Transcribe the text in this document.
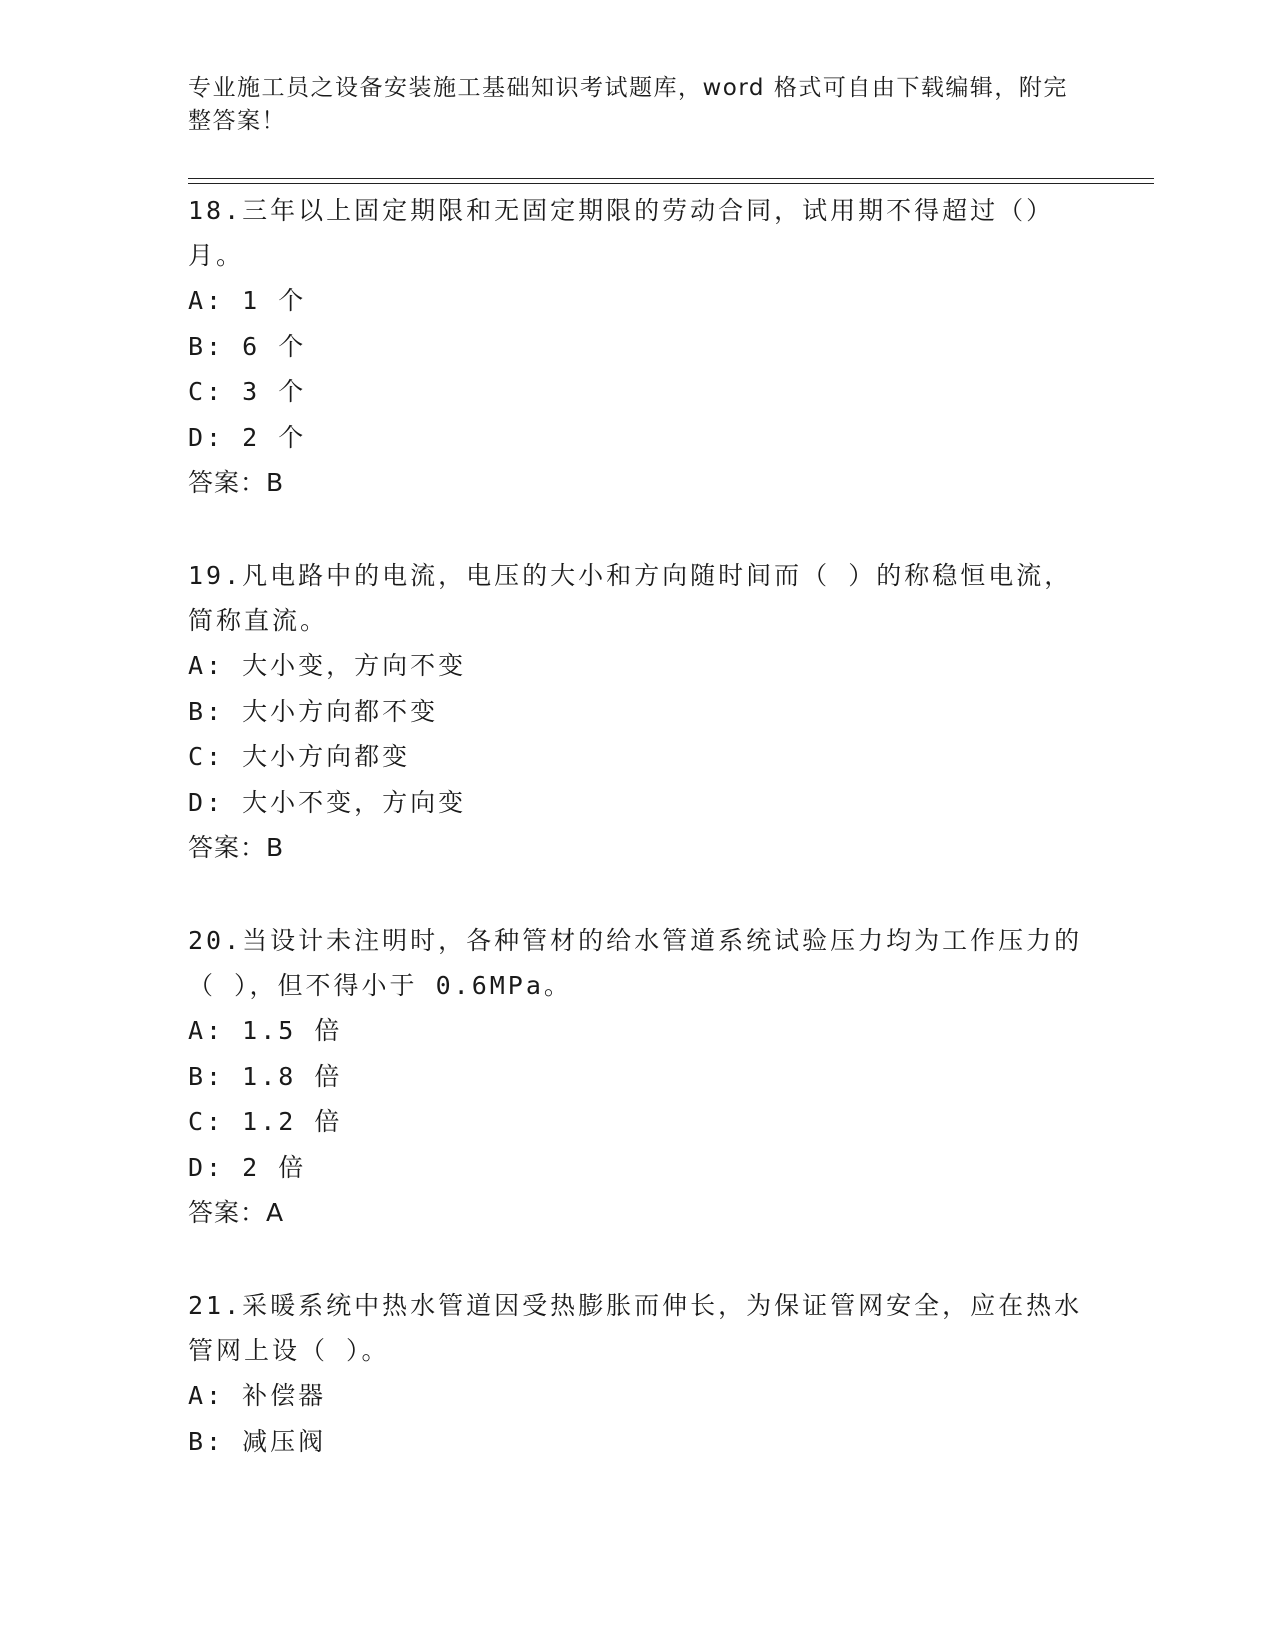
专业施工员之设备安装施工基础知识考试题库，word 格式可自由下载编辑，附完整答案！

18.三年以上固定期限和无固定期限的劳动合同，试用期不得超过（）月。

A: 1 个

B: 6 个

C: 3 个

D: 2 个

答案：B

19.凡电路中的电流，电压的大小和方向随时间而（ ）的称稳恒电流，简称直流。

A: 大小变，方向不变

B: 大小方向都不变

C: 大小方向都变

D: 大小不变，方向变

答案：B

20.当设计未注明时，各种管材的给水管道系统试验压力均为工作压力的（ ），但不得小于 0.6MPa。

A: 1.5 倍

B: 1.8 倍

C: 1.2 倍

D: 2 倍

答案：A

21.采暖系统中热水管道因受热膨胀而伸长，为保证管网安全，应在热水管网上设（ ）。

A: 补偿器

B: 减压阀
